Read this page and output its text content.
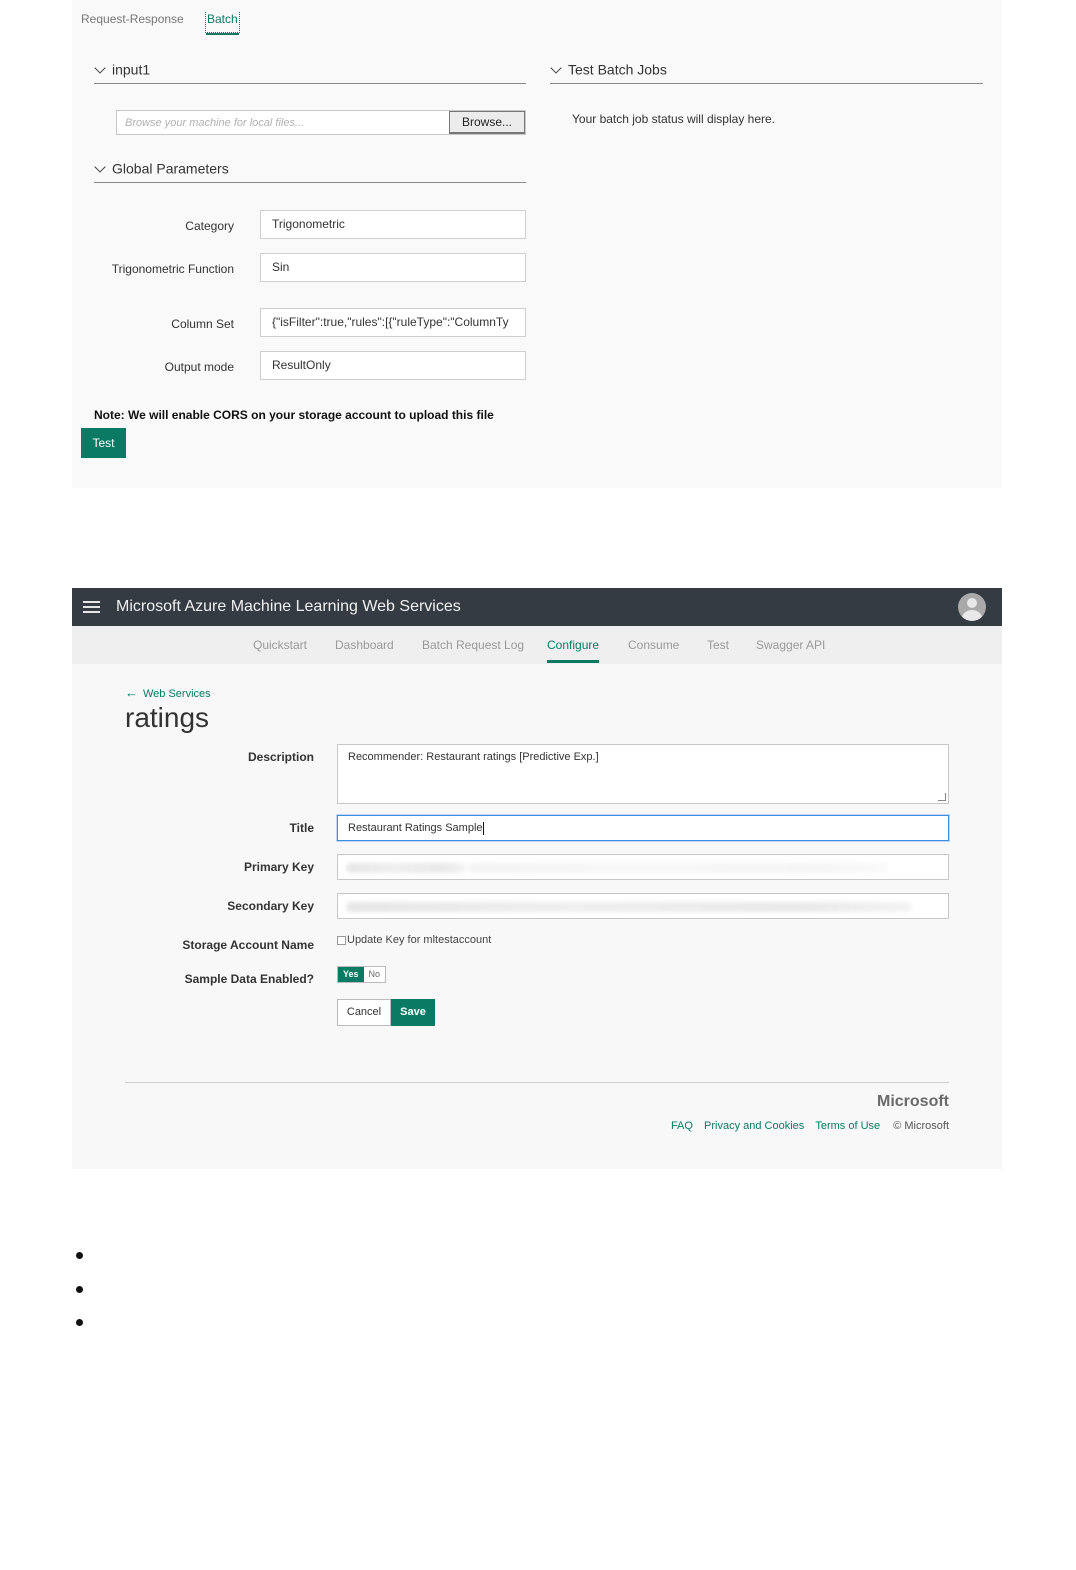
Request-Response Batch
input1
Browse your machine for local files...
Browse...
Global Parameters
Category	Trigonometric
Trigonometric Function	Sin
Column Set	{"isFilter":true,"rules":[{"ruleType":"ColumnTy
Output mode	ResultOnly
Test Batch Jobs
Your batch job status will display here.
Note: We will enable CORS on your storage account to upload this file
Test
Microsoft Azure Machine Learning Web Services
Quickstart Dashboard Batch Request Log Configure Consume Test Swagger API
← Web Services
ratings
Description	Recommender: Restaurant ratings [Predictive Exp.]
Title	Restaurant Ratings Sample
Primary Key
Secondary Key
Storage Account Name	Update Key for mltestaccount
Sample Data Enabled?	Yes No
Cancel	Save
Microsoft
FAQ Privacy and Cookies Terms of Use © Microsoft
